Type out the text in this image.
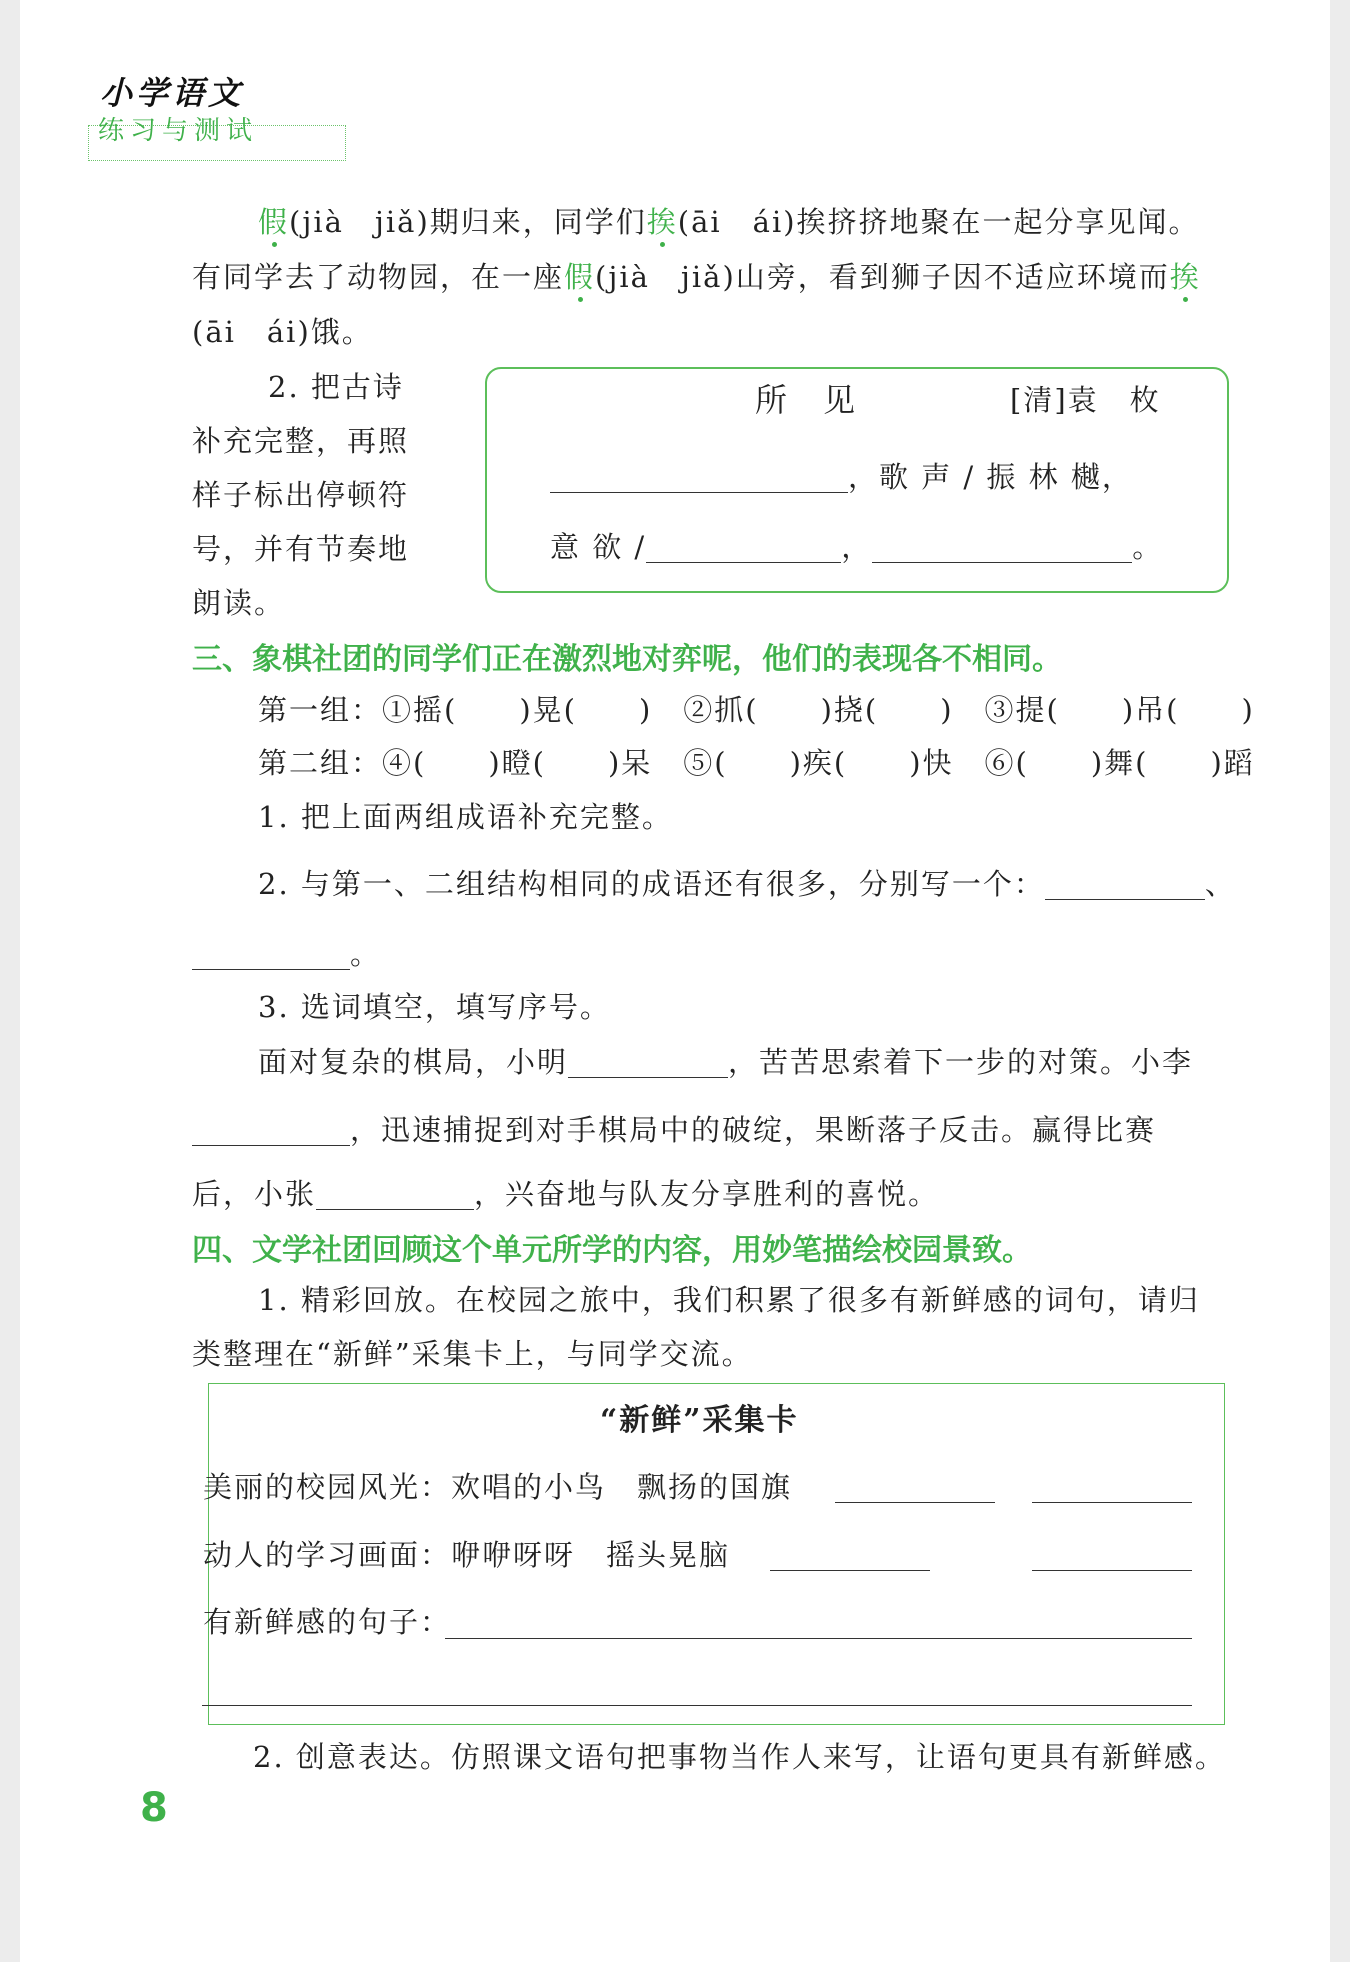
小学语文
练习与测试
假(jià　jiǎ)期归来，同学们挨(āi　ái)挨挤挤地聚在一起分享见闻。
有同学去了动物园，在一座假(jià　jiǎ)山旁，看到狮子因不适应环境而挨
(āi　ái)饿。
2. 把古诗
补充完整，再照
样子标出停顿符
号，并有节奏地
朗读。
所　见	[清]袁　枚
，歌 声 / 振 林 樾，
意 欲 /	，	。
三、象棋社团的同学们正在激烈地对弈呢，他们的表现各不相同。
第一组：①摇(　　)晃(　　)　②抓(　　)挠(　　)　③提(　　)吊(　　)
第二组：④(　　)瞪(　　)呆　⑤(　　)疾(　　)快　⑥(　　)舞(　　)蹈
1. 把上面两组成语补充完整。
2. 与第一、二组结构相同的成语还有很多，分别写一个：	、
。
3. 选词填空，填写序号。
面对复杂的棋局，小明	，苦苦思索着下一步的对策。小李
，迅速捕捉到对手棋局中的破绽，果断落子反击。赢得比赛
后，小张	，兴奋地与队友分享胜利的喜悦。
四、文学社团回顾这个单元所学的内容，用妙笔描绘校园景致。
1. 精彩回放。在校园之旅中，我们积累了很多有新鲜感的词句，请归
类整理在“新鲜”采集卡上，与同学交流。
“新鲜”采集卡
美丽的校园风光：欢唱的小鸟　飘扬的国旗
动人的学习画面：咿咿呀呀　摇头晃脑
有新鲜感的句子：
2. 创意表达。仿照课文语句把事物当作人来写，让语句更具有新鲜感。
8
